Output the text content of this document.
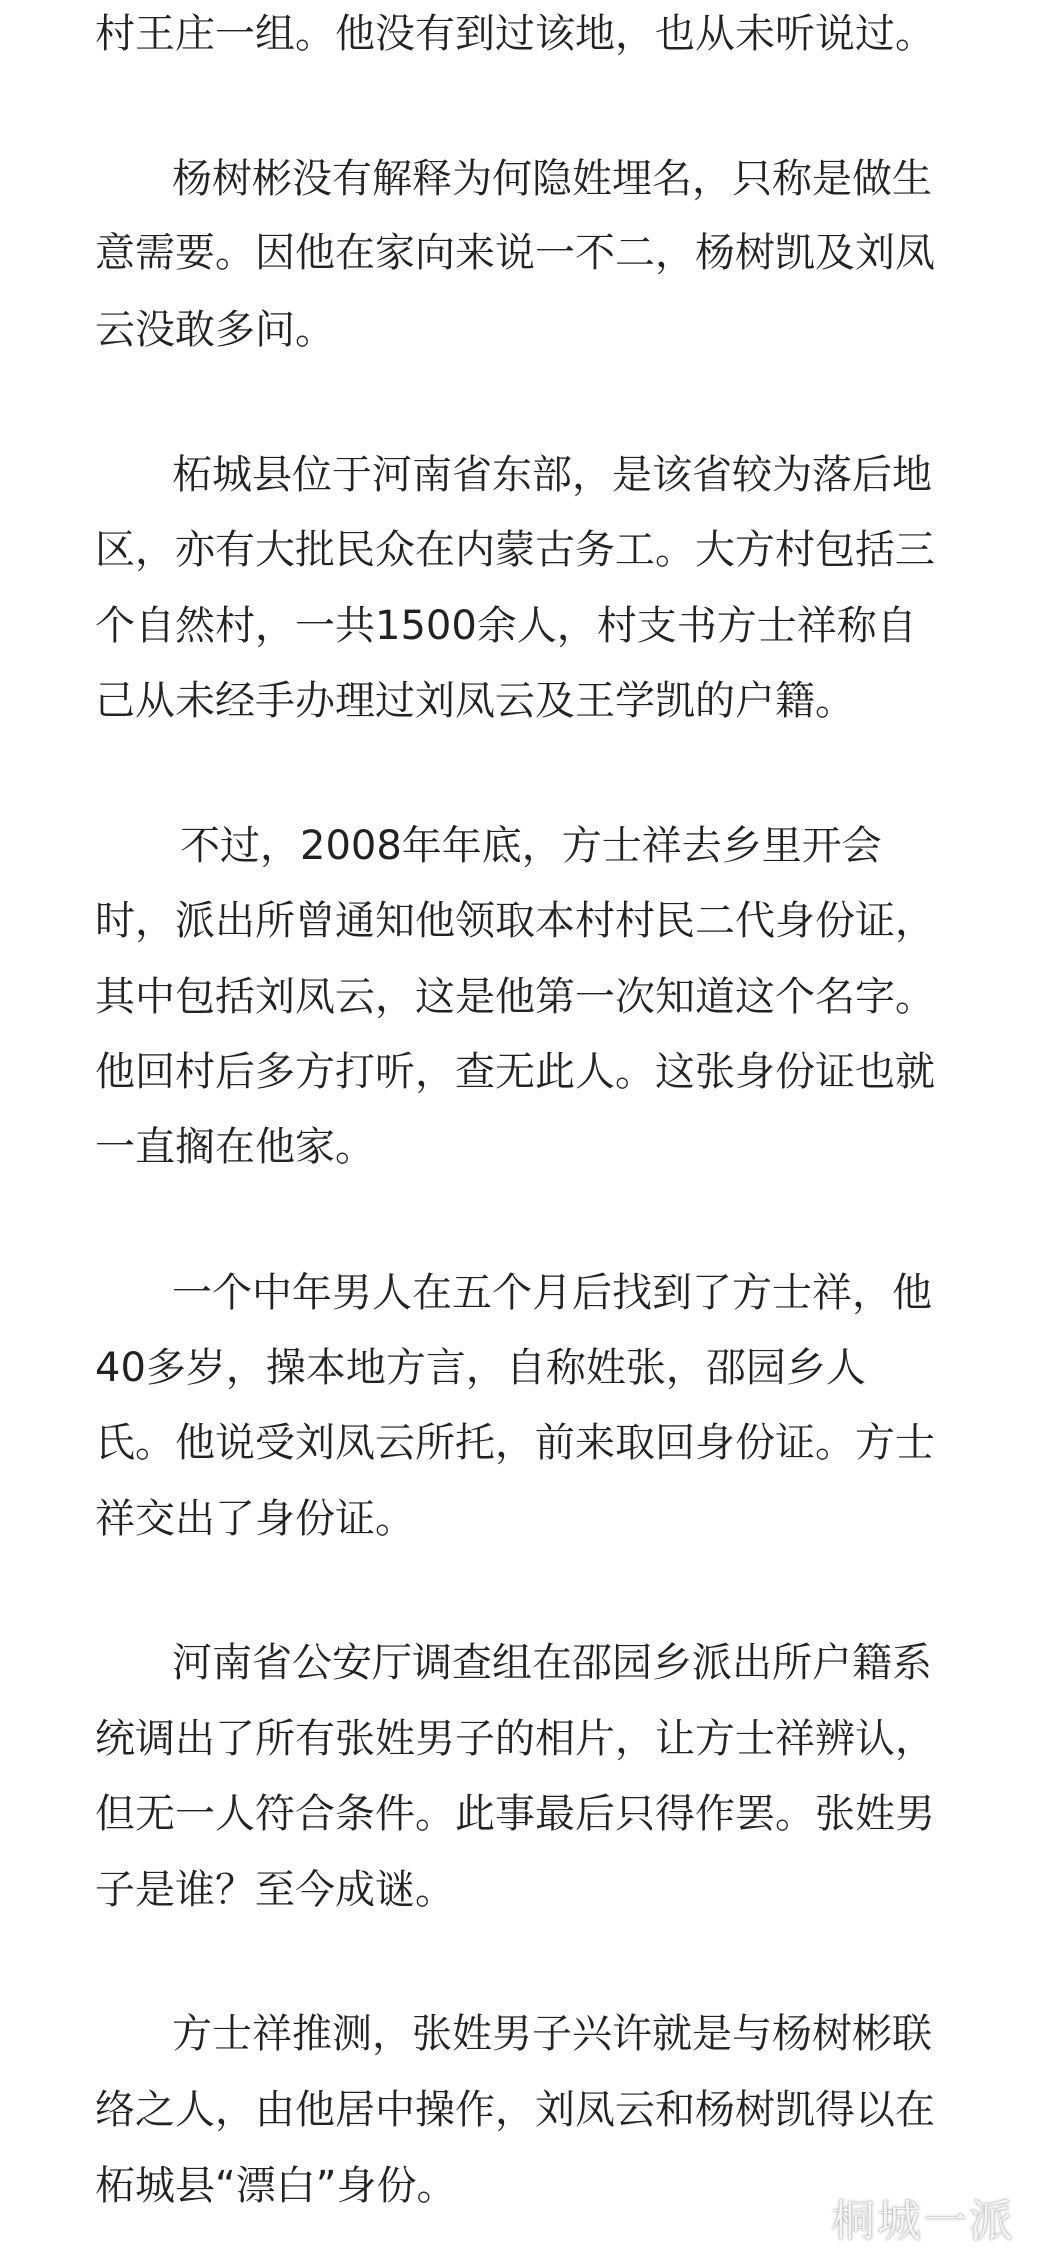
村王庄一组。他没有到过该地，也从未听说过。
杨树彬没有解释为何隐姓埋名，只称是做生
意需要。因他在家向来说一不二，杨树凯及刘凤
云没敢多问。
柘城县位于河南省东部，是该省较为落后地
区，亦有大批民众在内蒙古务工。大方村包括三
个自然村，一共1500余人，村支书方士祥称自
己从未经手办理过刘凤云及王学凯的户籍。
不过，2008年年底，方士祥去乡里开会
时，派出所曾通知他领取本村村民二代身份证，
其中包括刘凤云，这是他第一次知道这个名字。
他回村后多方打听，查无此人。这张身份证也就
一直搁在他家。
一个中年男人在五个月后找到了方士祥，他
40多岁，操本地方言，自称姓张，邵园乡人
氏。他说受刘凤云所托，前来取回身份证。方士
祥交出了身份证。
河南省公安厅调查组在邵园乡派出所户籍系
统调出了所有张姓男子的相片，让方士祥辨认，
但无一人符合条件。此事最后只得作罢。张姓男
子是谁？至今成谜。
方士祥推测，张姓男子兴许就是与杨树彬联
络之人，由他居中操作，刘凤云和杨树凯得以在
柘城县“漂白”身份。
桐城一派
